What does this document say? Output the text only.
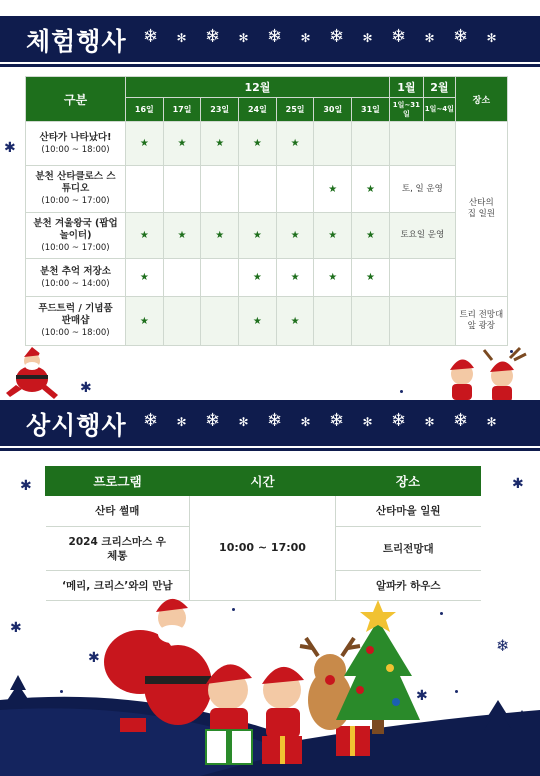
체험행사 ❄ ✻ ❄ ✻ ❄ ✻ ❄ ✻ ❄ ✻ ❄ ✻
구분	12월							1월	2월	장소
	16일	17일	23일	24일	25일	30일	31일	1일~31일	1일~4일	
산타가 나타났다!
(10:00 ~ 18:00)	★	★	★	★	★					산타의 집 일원
분천 산타클로스 스튜디오
(10:00 ~ 17:00)						★	★	토, 일 운영		
분천 겨울왕국 (팝업놀이터)
(10:00 ~ 17:00)	★	★	★	★	★	★	★	토요일 운영		
분천 추억 저장소
(10:00 ~ 14:00)	★			★	★	★	★			
푸드트럭 / 기념품 판매샵
(10:00 ~ 18:00)	★			★	★					트리 전망대 앞 광장
상시행사 ❄ ✻ ❄ ✻ ❄ ✻ ❄ ✻ ❄ ✻ ❄ ✻
프로그램	시간	장소
산타 썰매	10:00 ~ 17:00	산타마을 일원
2024 크리스마스 우체통		트리전망대
‘메리, 크리스’와의 만남		알파카 하우스
✱
✱
✱	✱
✱
✱
✱
❄
